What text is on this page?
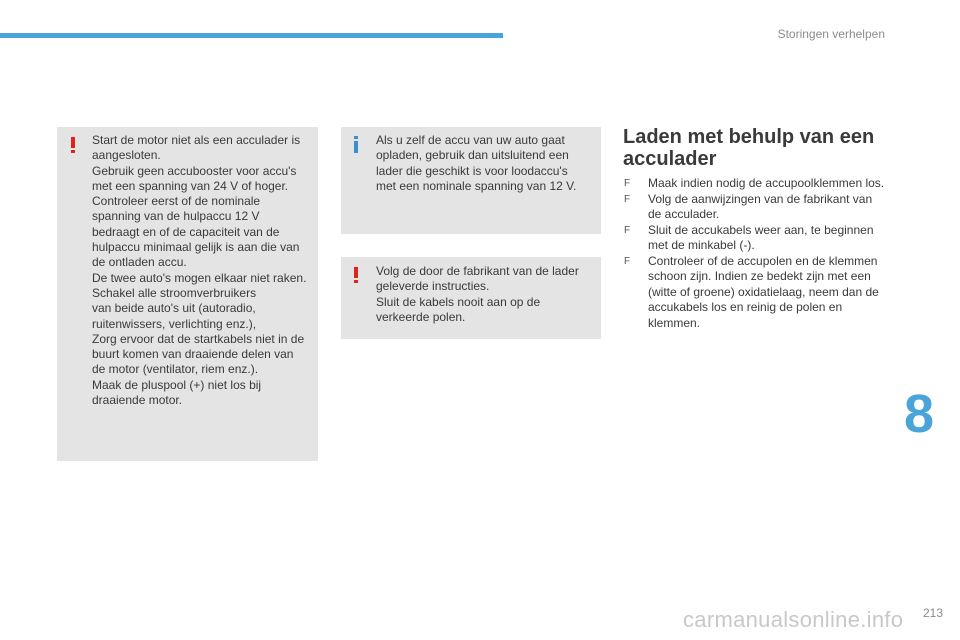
Storingen verhelpen

Start de motor niet als een acculader is

aangesloten.

Gebruik geen accubooster voor accu's

met een spanning van 24 V of hoger.

Controleer eerst of de nominale

spanning van de hulpaccu 12 V

bedraagt en of de capaciteit van de

hulpaccu minimaal gelijk is aan die van

de ontladen accu.

De twee auto's mogen elkaar niet raken.

Schakel alle stroomverbruikers

van beide auto's uit (autoradio,

ruitenwissers, verlichting enz.),

Zorg ervoor dat de startkabels niet in de

buurt komen van draaiende delen van

de motor (ventilator, riem enz.).

Maak de pluspool (+) niet los bij

draaiende motor.

Als u zelf de accu van uw auto gaat

opladen, gebruik dan uitsluitend een

lader die geschikt is voor loodaccu's

met een nominale spanning van 12 V.

Volg de door de fabrikant van de lader

geleverde instructies.

Sluit de kabels nooit aan op de

verkeerde polen.

Laden met behulp van een acculader
F Maak indien nodig de accupoolklemmen los.
F Volg de aanwijzingen van de fabrikant van de acculader.
F Sluit de accukabels weer aan, te beginnen met de minkabel (-).
F Controleer of de accupolen en de klemmen schoon zijn. Indien ze bedekt zijn met een (witte of groene) oxidatielaag, neem dan de accukabels los en reinig de polen en klemmen.
8
carmanualsonline.info 213
